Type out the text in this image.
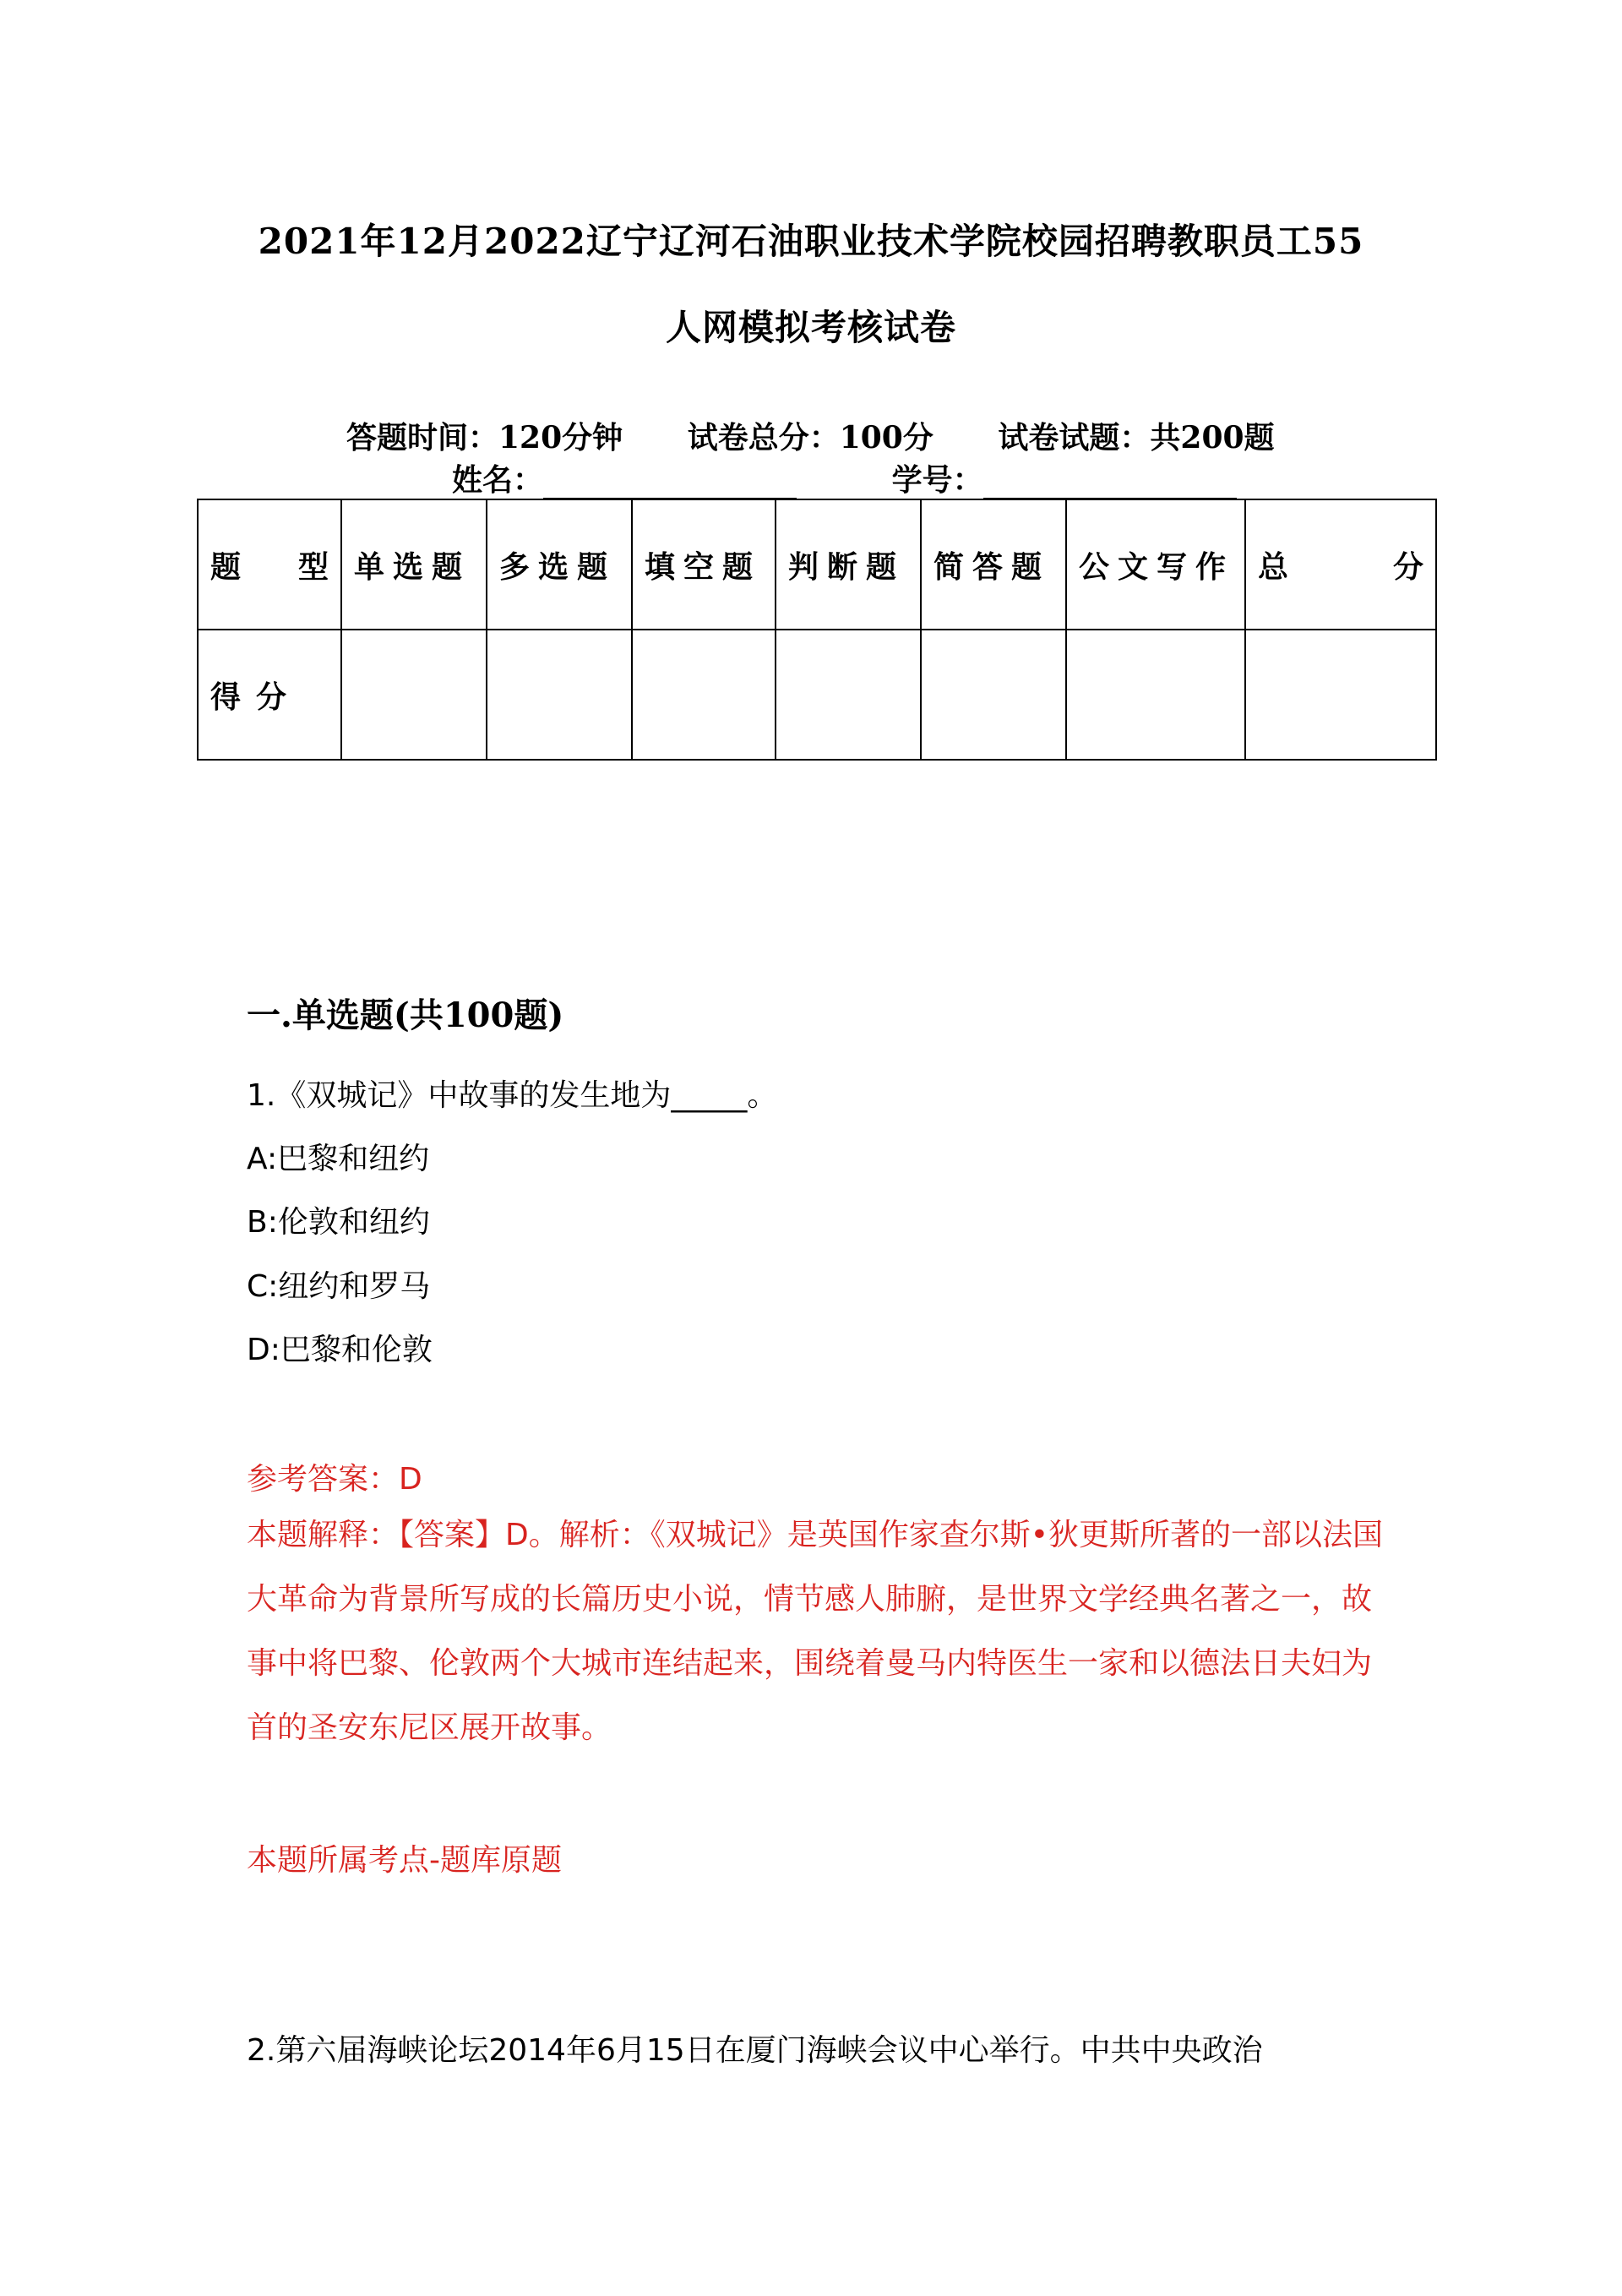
2021年12月2022辽宁辽河石油职业技术学院校园招聘教职员工55
人网模拟考核试卷
答题时间：120分钟 试卷总分：100分 试卷试题：共200题
姓名：	学号：
题 型	单选题	多选题	填空题	判断题	简答题	公文写作	总 分

得 分							

一.单选题(共100题)
1.《双城记》中故事的发生地为_____。
A:巴黎和纽约
B:伦敦和纽约
C:纽约和罗马
D:巴黎和伦敦
参考答案：D
本题解释：【答案】D。解析：《双城记》是英国作家查尔斯•狄更斯所著的一部以法国大革命为背景所写成的长篇历史小说，情节感人肺腑，是世界文学经典名著之一，故事中将巴黎、伦敦两个大城市连结起来，围绕着曼马内特医生一家和以德法日夫妇为首的圣安东尼区展开故事。
本题所属考点-题库原题
2.第六届海峡论坛2014年6月15日在厦门海峡会议中心举行。中共中央政治
